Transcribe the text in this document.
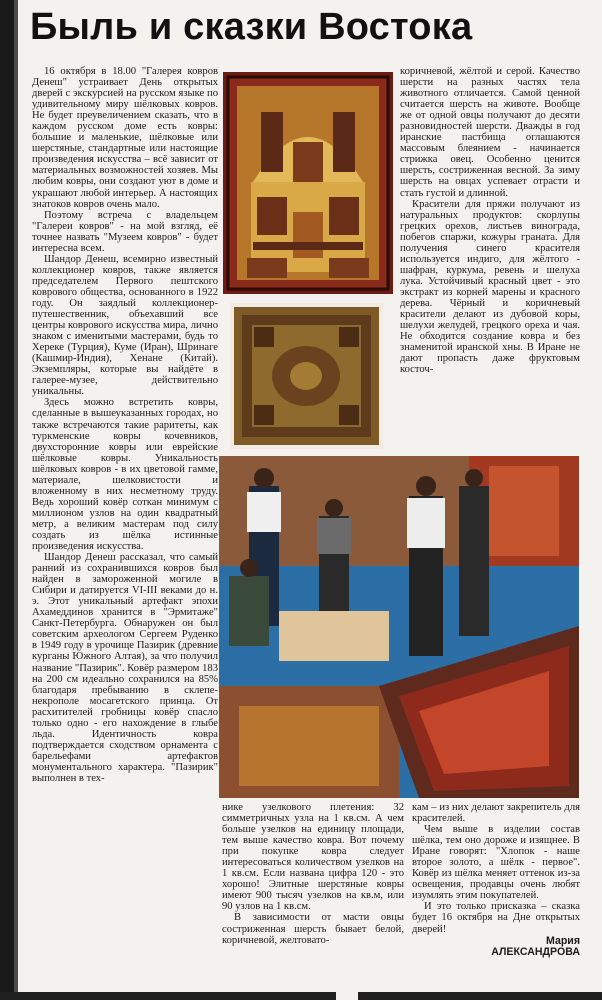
Быль и сказки Востока

16 октября в 18.00 "Галерея ковров Денеш" устраивает День открытых дверей с экскурсией на русском языке по удивительному миру шёлковых ковров. Не будет преувеличением сказать, что в каждом русском доме есть ковры: большие и маленькие, шёлковые или шерстяные, стандартные или настоящие произведения искусства – всё зависит от материальных возможностей хозяев. Мы любим ковры, они создают уют в доме и украшают любой интерьер. А настоящих знатоков ковров очень мало.

Поэтому встреча с владельцем "Галереи ковров" - на мой взгляд, её точнее назвать "Музеем ковров" - будет интересна всем.

Шандор Денеш, всемирно известный коллекционер ковров, также является председателем Первого пештского коврового общества, основанного в 1922 году. Он заядлый коллекционер-путешественник, объехавший все центры коврового искусства мира, лично знаком с именитыми мастерами, будь то Хереке (Турция), Куме (Иран), Шринаге (Кашмир-Индия), Хенане (Китай). Экземпляры, которые вы найдёте в галерее-музее, действительно уникальны.

Здесь можно встретить ковры, сделанные в вышеуказанных городах, но также встречаются такие раритеты, как туркменские ковры кочевников, двухсторонние ковры или еврейские шёлковые ковры. Уникальность шёлковых ковров - в их цветовой гамме, материале, шелковистости и вложенному в них несметному труду. Ведь хороший ковёр соткан минимум с миллионом узлов на один квадратный метр, а великим мастерам под силу создать из шёлка истинные произведения искусства.

Шандор Денеш рассказал, что самый ранний из сохранившихся ковров был найден в замороженной могиле в Сибири и датируется VI-III веками до н. э. Этот уникальный артефакт эпохи Ахамеддинов хранится в "Эрмитаже" Санкт-Петербурга. Обнаружен он был советским археологом Сергеем Руденко в 1949 году в урочище Пазирик (древние курганы Южного Алтая), за что получил название "Пазирик". Ковёр размером 183 на 200 см идеально сохранился на 85% благодаря пребыванию в склепе-некрополе мосагетского принца. От расхитителей гробницы ковёр спасло только одно - его нахождение в глыбе льда. Идентичность ковра подтверждается сходством орнамента с барельефами артефактов монументального характера. "Пазирик" выполнен в тех-

коричневой, жёлтой и серой. Качество шерсти на разных частях тела животного отличается. Самой ценной считается шерсть на животе. Вообще же от одной овцы получают до десяти разновидностей шерсти. Дважды в год иранские пастбища оглашаются массовым блеянием - начинается стрижка овец. Особенно ценится шерсть, состриженная весной. За зиму шерсть на овцах успевает отрасти и стать густой и длинной.

Красители для пряжи получают из натуральных продуктов: скорлупы грецких орехов, листьев винограда, побегов спаржи, кожуры граната. Для получения синего красителя используется индиго, для жёлтого - шафран, куркума, ревень и шелуха лука. Устойчивый красный цвет - это экстракт из корней марены и красного дерева. Чёрный и коричневый красители делают из дубовой коры, шелухи желудей, грецкого ореха и чая. Не обходится создание ковра и без знаменитой иранской хны. В Иране не дают пропасть даже фруктовым косточ-

нике узелкового плетения: 32 симметричных узла на 1 кв.см. А чем больше узелков на единицу площади, тем выше качество ковра. Вот почему при покупке ковра следует интересоваться количеством узелков на 1 кв.см. Если названа цифра 120 - это хорошо! Элитные шерстяные ковры имеют 900 тысяч узелков на кв.м, или 90 узлов на 1 кв.см.

В зависимости от масти овцы состриженная шерсть бывает белой, коричневой, желтовато-

кам – из них делают закрепитель для красителей.

Чем выше в изделии состав шёлка, тем оно дороже и изящнее. В Иране говорят: "Хлопок - наше второе золото, а шёлк - первое". Ковёр из шёлка меняет оттенок из-за освещения, продавцы очень любят изумлять этим покупателей.

И это только присказка – сказка будет 16 октября на Дне открытых дверей!

Мария
АЛЕКСАНДРОВА
